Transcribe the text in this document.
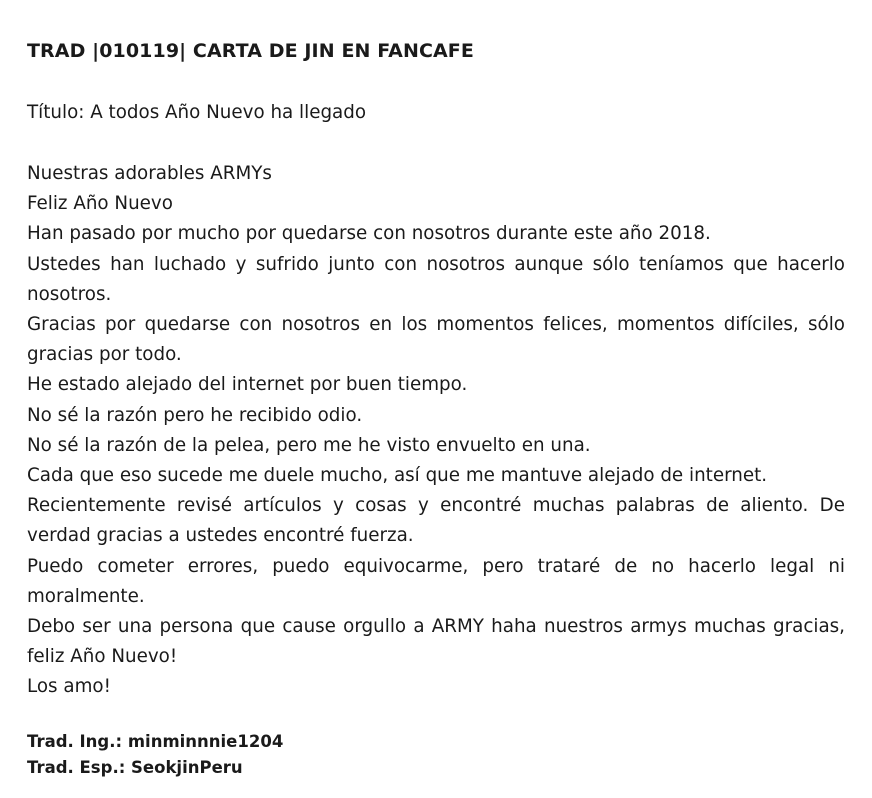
TRAD |010119| CARTA DE JIN EN FANCAFE

Título: A todos Año Nuevo ha llegado

Nuestras adorables ARMYs

Feliz Año Nuevo

Han pasado por mucho por quedarse con nosotros durante este año 2018.

Ustedes han luchado y sufrido junto con nosotros aunque sólo teníamos que hacerlo nosotros.

Gracias por quedarse con nosotros en los momentos felices, momentos difíciles, sólo gracias por todo.

He estado alejado del internet por buen tiempo.

No sé la razón pero he recibido odio.

No sé la razón de la pelea, pero me he visto envuelto en una.

Cada que eso sucede me duele mucho, así que me mantuve alejado de internet.

Recientemente revisé artículos y cosas y encontré muchas palabras de aliento. De verdad gracias a ustedes encontré fuerza.

Puedo cometer errores, puedo equivocarme, pero trataré de no hacerlo legal ni moralmente.

Debo ser una persona que cause orgullo a ARMY haha nuestros armys muchas gracias, feliz Año Nuevo!

Los amo!

Trad. Ing.: minminnnie1204

Trad. Esp.: SeokjinPeru
